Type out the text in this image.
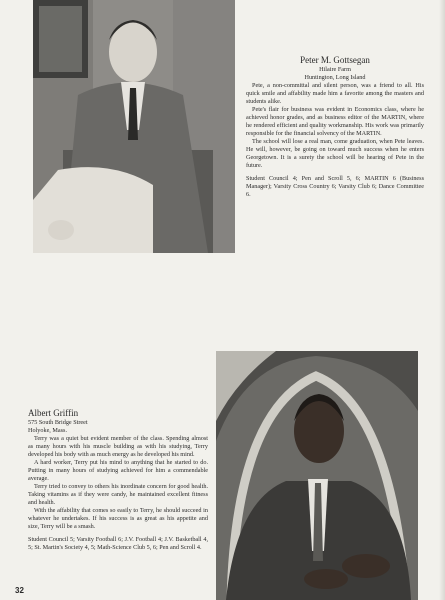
Peter M. Gottsegan

Hilaire Farm

Huntington, Long Island

Pete, a non-committal and silent person, was a friend to all. His quick smile and affability made him a favorite among the masters and students alike.

Pete's flair for business was evident in Economics class, where he achieved honor grades, and as business editor of the MARTIN, where he rendered efficient and quality workmanship. His work was primarily responsible for the financial solvency of the MARTIN.

The school will lose a real man, come graduation, when Pete leaves. He will, however, be going on toward much success when he enters Georgetown. It is a surety the school will be hearing of Pete in the future.

Student Council 4; Pen and Scroll 5, 6; MARTIN 6 (Business Manager); Varsity Cross Country 6; Varsity Club 6; Dance Committee 6.

Albert Griffin

575 South Bridge Street

Holyoke, Mass.

Terry was a quiet but evident member of the class. Spending almost as many hours with his muscle building as with his studying, Terry developed his body with as much energy as he developed his mind.

A hard worker, Terry put his mind to anything that he started to do. Putting in many hours of studying achieved for him a commendable average.

Terry tried to convey to others his inordinate concern for good health. Taking vitamins as if they were candy, he maintained excellent fitness and health.

With the affability that comes so easily to Terry, he should succeed in whatever he undertakes. If his success is as great as his appetite and size, Terry will be a smash.

Student Council 5; Varsity Football 6; J.V. Football 4; J.V. Basketball 4, 5; St. Martin's Society 4, 5; Math-Science Club 5, 6; Pen and Scroll 4.

32
